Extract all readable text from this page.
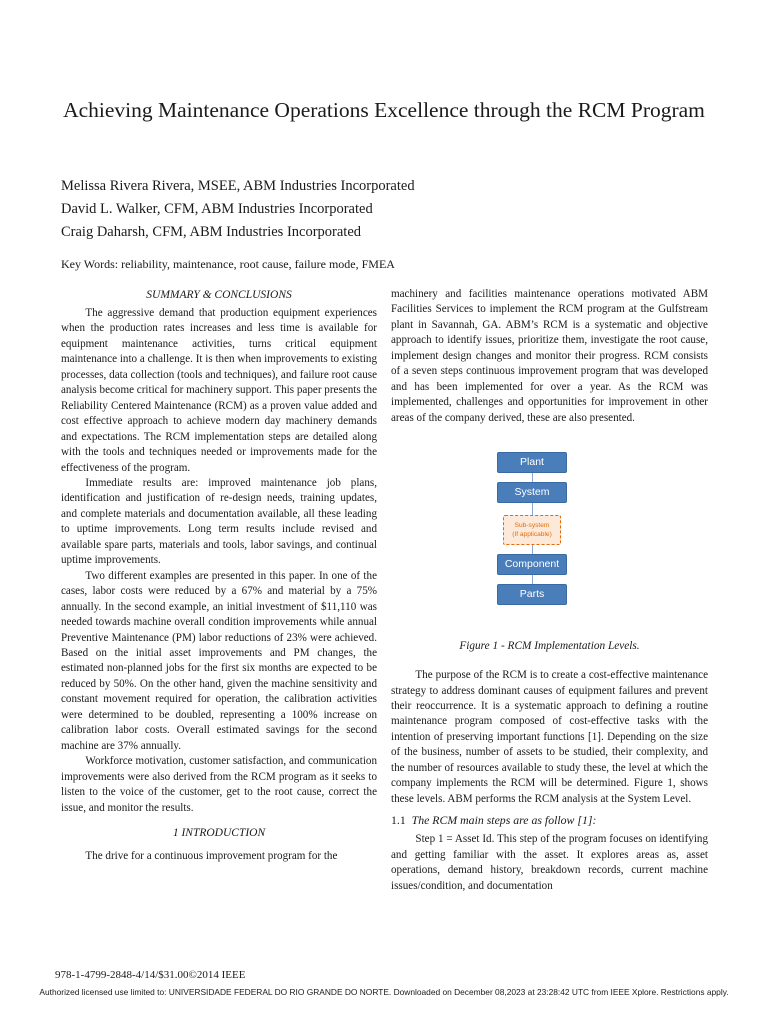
Achieving Maintenance Operations Excellence through the RCM Program
Melissa Rivera Rivera, MSEE, ABM Industries Incorporated
David L. Walker, CFM, ABM Industries Incorporated
Craig Daharsh, CFM, ABM Industries Incorporated
Key Words: reliability, maintenance, root cause, failure mode, FMEA
SUMMARY & CONCLUSIONS

The aggressive demand that production equipment experiences when the production rates increases and less time is available for equipment maintenance activities, turns critical equipment maintenance into a challenge. It is then when improvements to existing processes, data collection (tools and techniques), and failure root cause analysis become critical for machinery support. This paper presents the Reliability Centered Maintenance (RCM) as a proven value added and cost effective approach to achieve modern day machinery demands and expectations. The RCM implementation steps are detailed along with the tools and techniques needed or improvements made for the effectiveness of the program.

Immediate results are: improved maintenance job plans, identification and justification of re-design needs, training updates, and complete materials and documentation available, all these leading to uptime improvements. Long term results include revised and available spare parts, materials and tools, labor savings, and continual uptime improvements.

Two different examples are presented in this paper. In one of the cases, labor costs were reduced by a 67% and material by a 75% annually. In the second example, an initial investment of $11,110 was needed towards machine overall condition improvements while annual Preventive Maintenance (PM) labor reductions of 23% were achieved. Based on the initial asset improvements and PM changes, the estimated non-planned jobs for the first six months are expected to be reduced by 50%. On the other hand, given the machine sensitivity and constant movement required for operation, the calibration activities were determined to be doubled, representing a 100% increase on calibration labor costs. Overall estimated savings for the second machine are 37% annually.

Workforce motivation, customer satisfaction, and communication improvements were also derived from the RCM program as it seeks to listen to the voice of the customer, get to the root cause, correct the issue, and monitor the results.

1 INTRODUCTION

The drive for a continuous improvement program for the

machinery and facilities maintenance operations motivated ABM Facilities Services to implement the RCM program at the Gulfstream plant in Savannah, GA. ABM’s RCM is a systematic and objective approach to identify issues, prioritize them, investigate the root cause, implement design changes and monitor their progress. RCM consists of a seven steps continuous improvement program that was developed and has been implemented for over a year. As the RCM was implemented, challenges and opportunities for improvement in other areas of the company derived, these are also presented.

Plant
System
Sub-system
(If applicable)
Component
Parts
Figure 1 - RCM Implementation Levels.

The purpose of the RCM is to create a cost-effective maintenance strategy to address dominant causes of equipment failures and prevent their reoccurrence. It is a systematic approach to defining a routine maintenance program composed of cost-effective tasks with the intention of preserving important functions [1]. Depending on the size of the business, number of assets to be studied, their complexity, and the number of resources available to study these, the level at which the company implements the RCM will be determined. Figure 1, shows these levels. ABM performs the RCM analysis at the System Level.

1.1 The RCM main steps are as follow [1]:

Step 1 = Asset Id. This step of the program focuses on identifying and getting familiar with the asset. It explores areas as, asset operations, demand history, breakdown records, current machine issues/condition, and documentation

978-1-4799-2848-4/14/$31.00©2014 IEEE
Authorized licensed use limited to: UNIVERSIDADE FEDERAL DO RIO GRANDE DO NORTE. Downloaded on December 08,2023 at 23:28:42 UTC from IEEE Xplore. Restrictions apply.
